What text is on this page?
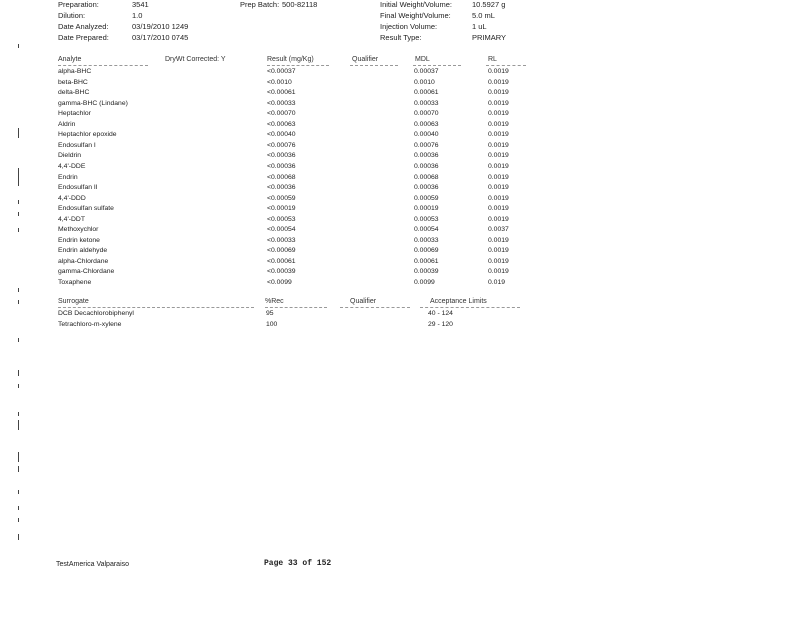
Preparation:	3541
Dilution:	1.0
Date Analyzed:	03/19/2010 1249
Date Prepared:	03/17/2010 0745
Prep Batch: 500-82118	Initial Weight/Volume:	10.5927 g
Final Weight/Volume:	5.0 mL
Injection Volume:	1 uL
Result Type:	PRIMARY
Analyte	DryWt Corrected: Y	Result (mg/Kg)	Qualifier	MDL	RL
alpha-BHC	<0.00037	0.00037	0.0019
beta-BHC	<0.0010	0.0010	0.0019
delta-BHC	<0.00061	0.00061	0.0019
gamma-BHC (Lindane)	<0.00033	0.00033	0.0019
Heptachlor	<0.00070	0.00070	0.0019
Aldrin	<0.00063	0.00063	0.0019
Heptachlor epoxide	<0.00040	0.00040	0.0019
Endosulfan I	<0.00076	0.00076	0.0019
Dieldrin	<0.00036	0.00036	0.0019
4,4'-DDE	<0.00036	0.00036	0.0019
Endrin	<0.00068	0.00068	0.0019
Endosulfan II	<0.00036	0.00036	0.0019
4,4'-DDD	<0.00059	0.00059	0.0019
Endosulfan sulfate	<0.00019	0.00019	0.0019
4,4'-DDT	<0.00053	0.00053	0.0019
Methoxychlor	<0.00054	0.00054	0.0037
Endrin ketone	<0.00033	0.00033	0.0019
Endrin aldehyde	<0.00069	0.00069	0.0019
alpha-Chlordane	<0.00061	0.00061	0.0019
gamma-Chlordane	<0.00039	0.00039	0.0019
Toxaphene	<0.0099	0.0099	0.019
Surrogate	%Rec	Qualifier	Acceptance Limits
DCB Decachlorobiphenyl	95	40 - 124
Tetrachloro-m-xylene	100	29 - 120
TestAmerica Valparaiso	Page 33 of 152
